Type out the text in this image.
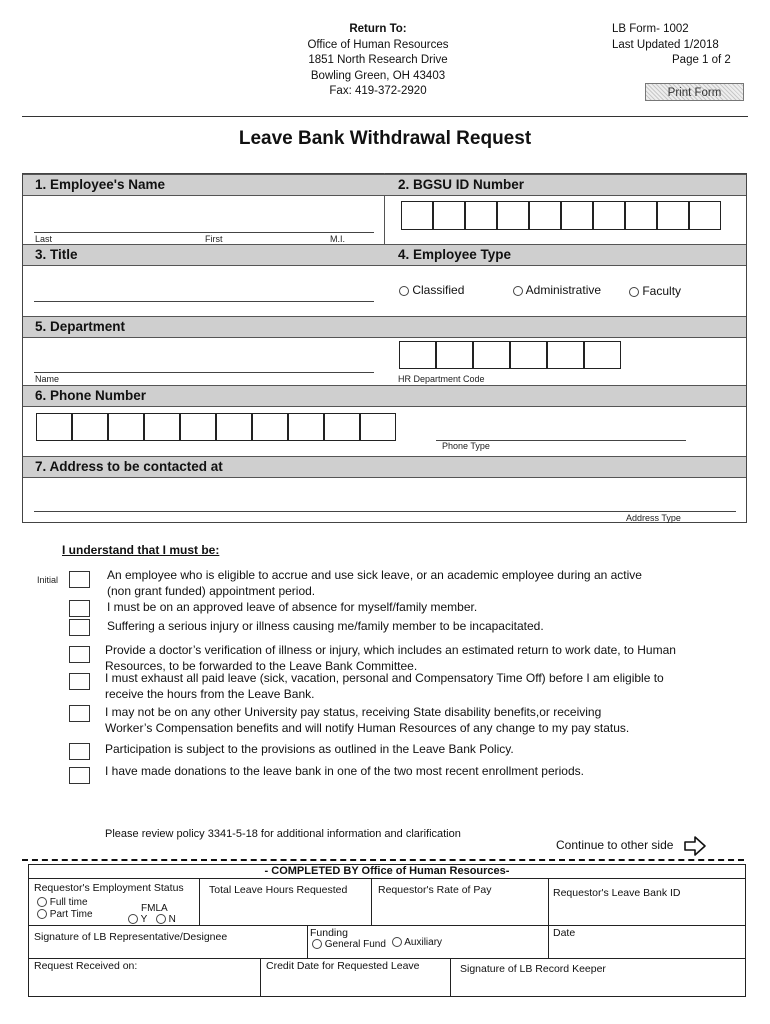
Return To:
Office of Human Resources
1851 North Research Drive
Bowling Green, OH 43403
Fax: 419-372-2920
LB Form- 1002
Last Updated 1/2018
Page 1 of 2
Print Form
Leave Bank Withdrawal Request
1. Employee's Name	2. BGSU ID Number
Last	First	M.I.
3. Title	4. Employee Type
Classified	Administrative	Faculty
5. Department
Name	HR Department Code
6. Phone Number
Phone Type
7. Address to be contacted at
Address Type
I understand that I must be:
Initial	An employee who is eligible to accrue and use sick leave, or an academic employee during an active
(non grant funded) appointment period.
I must be on an approved leave of absence for myself/family member.
Suffering a serious injury or illness causing me/family member to be incapacitated.
Provide a doctor’s verification of illness or injury, which includes an estimated return to work date, to Human
Resources, to be forwarded to the Leave Bank Committee.
I must exhaust all paid leave (sick, vacation, personal and Compensatory Time Off) before I am eligible to
receive the hours from the Leave Bank.
I may not be on any other University pay status, receiving State disability benefits,or receiving
Worker’s Compensation benefits and will notify Human Resources of any change to my pay status.
Participation is subject to the provisions as outlined in the Leave Bank Policy.
I have made donations to the leave bank in one of the two most recent enrollment periods.
Please review policy 3341-5-18 for additional information and clarification
Continue to other side
- COMPLETED BY Office of Human Resources-
Requestor's Employment Status
Full time
Part Time
FMLA
Y N
Total Leave Hours Requested	Requestor's Rate of Pay	Requestor's Leave Bank ID
Signature of LB Representative/Designee	Funding
General Fund	Auxiliary
Date
Request Received on:	Credit Date for Requested Leave	Signature of LB Record Keeper
